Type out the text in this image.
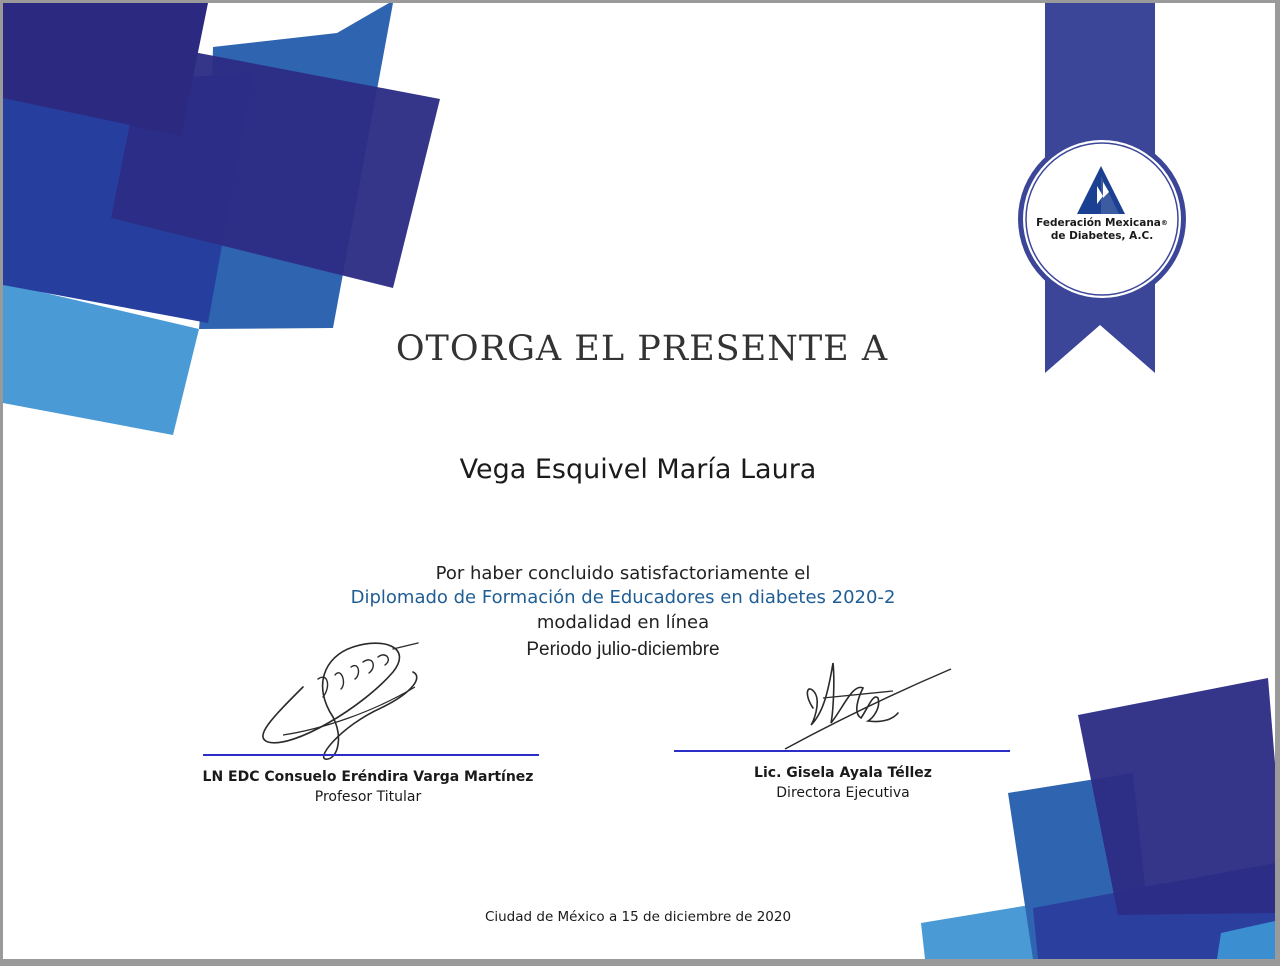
Federación Mexicana®
de Diabetes, A.C.
OTORGA EL PRESENTE A
Vega Esquivel María Laura
Por haber concluido satisfactoriamente el
Diplomado de Formación de Educadores en diabetes 2020-2
modalidad en línea
Periodo julio-diciembre
LN EDC Consuelo Eréndira Varga Martínez
Profesor Titular
Lic. Gisela Ayala Téllez
Directora Ejecutiva
Ciudad de México a 15 de diciembre de 2020
